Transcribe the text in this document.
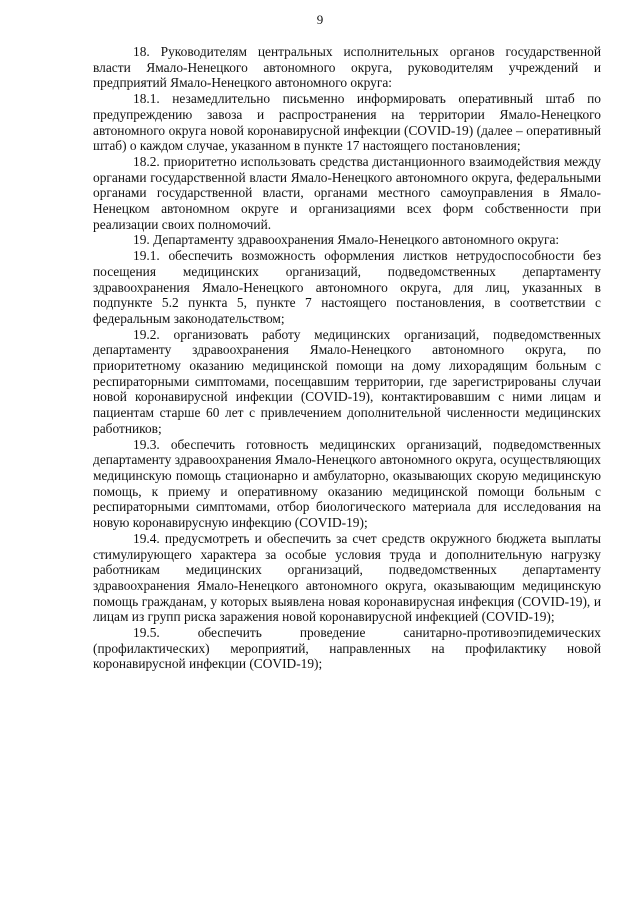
9

18. Руководителям центральных исполнительных органов государственной власти Ямало-Ненецкого автономного округа, руководителям учреждений и предприятий Ямало-Ненецкого автономного округа:

18.1. незамедлительно письменно информировать оперативный штаб по предупреждению завоза и распространения на территории Ямало-Ненецкого автономного округа новой коронавирусной инфекции (COVID-19) (далее – оперативный штаб) о каждом случае, указанном в пункте 17 настоящего постановления;

18.2. приоритетно использовать средства дистанционного взаимодействия между органами государственной власти Ямало-Ненецкого автономного округа, федеральными органами государственной власти, органами местного самоуправления в Ямало-Ненецком автономном округе и организациями всех форм собственности при реализации своих полномочий.

19. Департаменту здравоохранения Ямало-Ненецкого автономного округа:

19.1. обеспечить возможность оформления листков нетрудоспособности без посещения медицинских организаций, подведомственных департаменту здравоохранения Ямало-Ненецкого автономного округа, для лиц, указанных в подпункте 5.2 пункта 5, пункте 7 настоящего постановления, в соответствии с федеральным законодательством;

19.2. организовать работу медицинских организаций, подведомственных департаменту здравоохранения Ямало-Ненецкого автономного округа, по приоритетному оказанию медицинской помощи на дому лихорадящим больным с респираторными симптомами, посещавшим территории, где зарегистрированы случаи новой коронавирусной инфекции (COVID-19), контактировавшим с ними лицам и пациентам старше 60 лет с привлечением дополнительной численности медицинских работников;

19.3. обеспечить готовность медицинских организаций, подведомственных департаменту здравоохранения Ямало-Ненецкого автономного округа, осуществляющих медицинскую помощь стационарно и амбулаторно, оказывающих скорую медицинскую помощь, к приему и оперативному оказанию медицинской помощи больным с респираторными симптомами, отбор биологического материала для исследования на новую коронавирусную инфекцию (COVID-19);

19.4. предусмотреть и обеспечить за счет средств окружного бюджета выплаты стимулирующего характера за особые условия труда и дополнительную нагрузку работникам медицинских организаций, подведомственных департаменту здравоохранения Ямало-Ненецкого автономного округа, оказывающим медицинскую помощь гражданам, у которых выявлена новая коронавирусная инфекция (COVID-19), и лицам из групп риска заражения новой коронавирусной инфекцией (COVID-19);

19.5. обеспечить проведение санитарно-противоэпидемических (профилактических) мероприятий, направленных на профилактику новой коронавирусной инфекции (COVID-19);
